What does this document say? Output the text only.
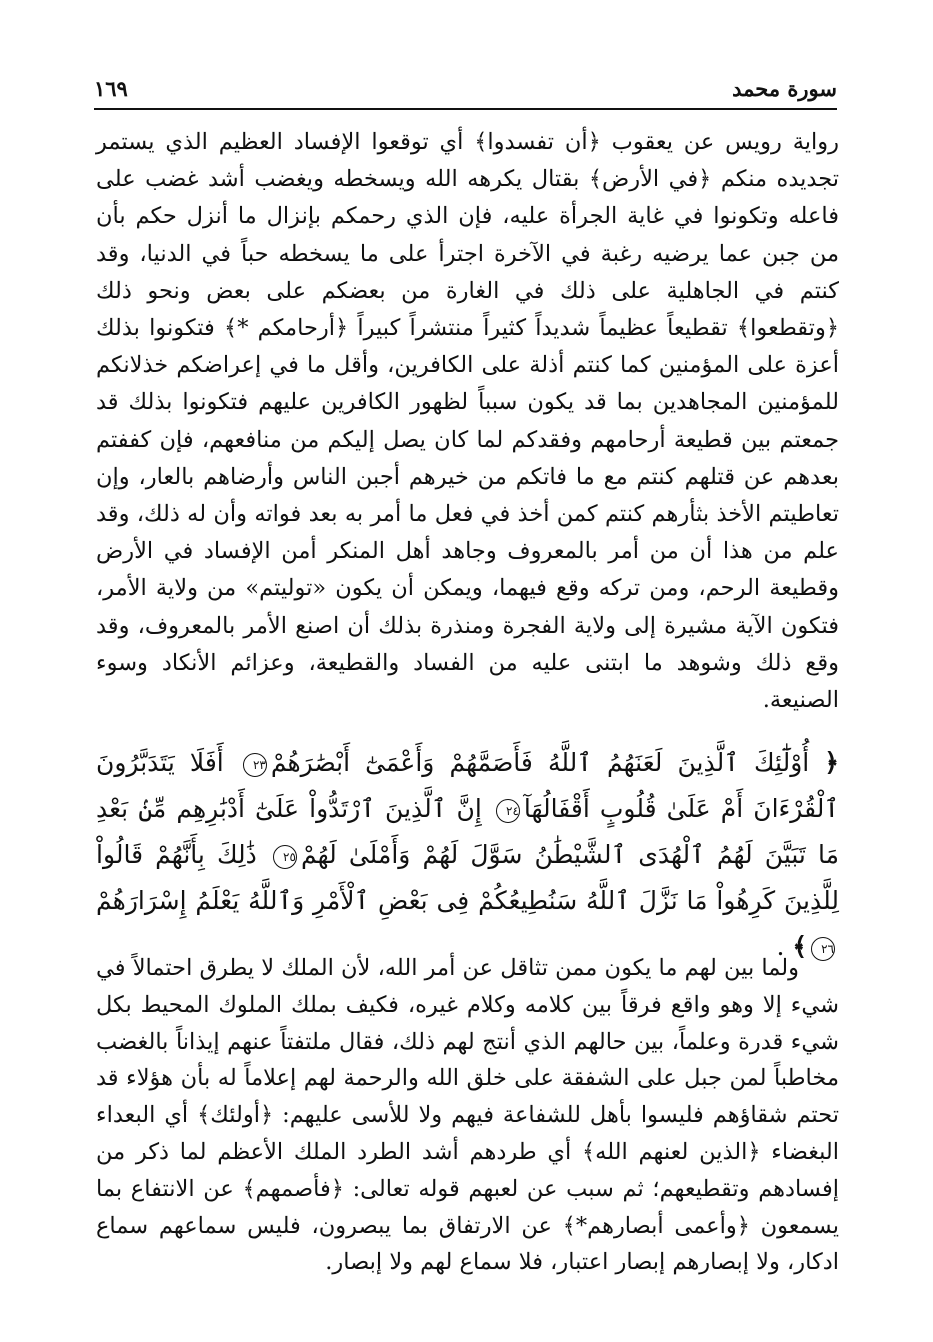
سورة محمد
١٦٩
رواية رويس عن يعقوب ﴿أن تفسدوا﴾ أي توقعوا الإفساد العظيم الذي يستمر تجديده منكم ﴿في الأرض﴾ بقتال يكرهه الله ويسخطه ويغضب أشد غضب على فاعله وتكونوا في غاية الجرأة عليه، فإن الذي رحمكم بإنزال ما أنزل حكم بأن من جبن عما يرضيه رغبة في الآخرة اجترأ على ما يسخطه حباً في الدنيا، وقد كنتم في الجاهلية على ذلك في الغارة من بعضكم على بعض ونحو ذلك ﴿وتقطعوا﴾ تقطيعاً عظيماً شديداً كثيراً منتشراً كبيراً ﴿أرحامكم *﴾ فتكونوا بذلك أعزة على المؤمنين كما كنتم أذلة على الكافرين، وأقل ما في إعراضكم خذلانكم للمؤمنين المجاهدين بما قد يكون سبباً لظهور الكافرين عليهم فتكونوا بذلك قد جمعتم بين قطيعة أرحامهم وفقدكم لما كان يصل إليكم من منافعهم، فإن كففتم بعدهم عن قتلهم كنتم مع ما فاتكم من خيرهم أجبن الناس وأرضاهم بالعار، وإن تعاطيتم الأخذ بثأرهم كنتم كمن أخذ في فعل ما أمر به بعد فواته وأن له ذلك، وقد علم من هذا أن من أمر بالمعروف وجاهد أهل المنكر أمن الإفساد في الأرض وقطيعة الرحم، ومن تركه وقع فيهما، ويمكن أن يكون «توليتم» من ولاية الأمر، فتكون الآية مشيرة إلى ولاية الفجرة ومنذرة بذلك أن اصنع الأمر بالمعروف، وقد وقع ذلك وشوهد ما ابتنى عليه من الفساد والقطيعة، وعزائم الأنكاد وسوء الصنيعة.
﴿ أُوْلَٰٓئِكَ ٱلَّذِينَ لَعَنَهُمُ ٱللَّهُ فَأَصَمَّهُمْ وَأَعْمَىٰٓ أَبْصَٰرَهُمْ٢٣ أَفَلَا يَتَدَبَّرُونَ ٱلْقُرْءَانَ أَمْ عَلَىٰ قُلُوبٍ أَقْفَالُهَآ٢٤ إِنَّ ٱلَّذِينَ ٱرْتَدُّواْ عَلَىٰٓ أَدْبَٰرِهِم مِّنۢ بَعْدِ مَا تَبَيَّنَ لَهُمُ ٱلْهُدَى ٱلشَّيْطَٰنُ سَوَّلَ لَهُمْ وَأَمْلَىٰ لَهُمْ٢٥ ذَٰلِكَ بِأَنَّهُمْ قَالُواْ لِلَّذِينَ كَرِهُواْ مَا نَزَّلَ ٱللَّهُ سَنُطِيعُكُمْ فِى بَعْضِ ٱلْأَمْرِ وَٱللَّهُ يَعْلَمُ إِسْرَارَهُمْ٢٦﴾ .
ولما بين لهم ما يكون ممن تثاقل عن أمر الله، لأن الملك لا يطرق احتمالاً في شيء إلا وهو واقع فرقاً بين كلامه وكلام غيره، فكيف بملك الملوك المحيط بكل شيء قدرة وعلماً، بين حالهم الذي أنتج لهم ذلك، فقال ملتفتاً عنهم إيذاناً بالغضب مخاطباً لمن جبل على الشفقة على خلق الله والرحمة لهم إعلاماً له بأن هؤلاء قد تحتم شقاؤهم فليسوا بأهل للشفاعة فيهم ولا للأسى عليهم: ﴿أولئك﴾ أي البعداء البغضاء ﴿الذين لعنهم الله﴾ أي طردهم أشد الطرد الملك الأعظم لما ذكر من إفسادهم وتقطيعهم؛ ثم سبب عن لعبهم قوله تعالى: ﴿فأصمهم﴾ عن الانتفاع بما يسمعون ﴿وأعمى أبصارهم*﴾ عن الارتفاق بما يبصرون، فليس سماعهم سماع ادكار، ولا إبصارهم إبصار اعتبار، فلا سماع لهم ولا إبصار.
